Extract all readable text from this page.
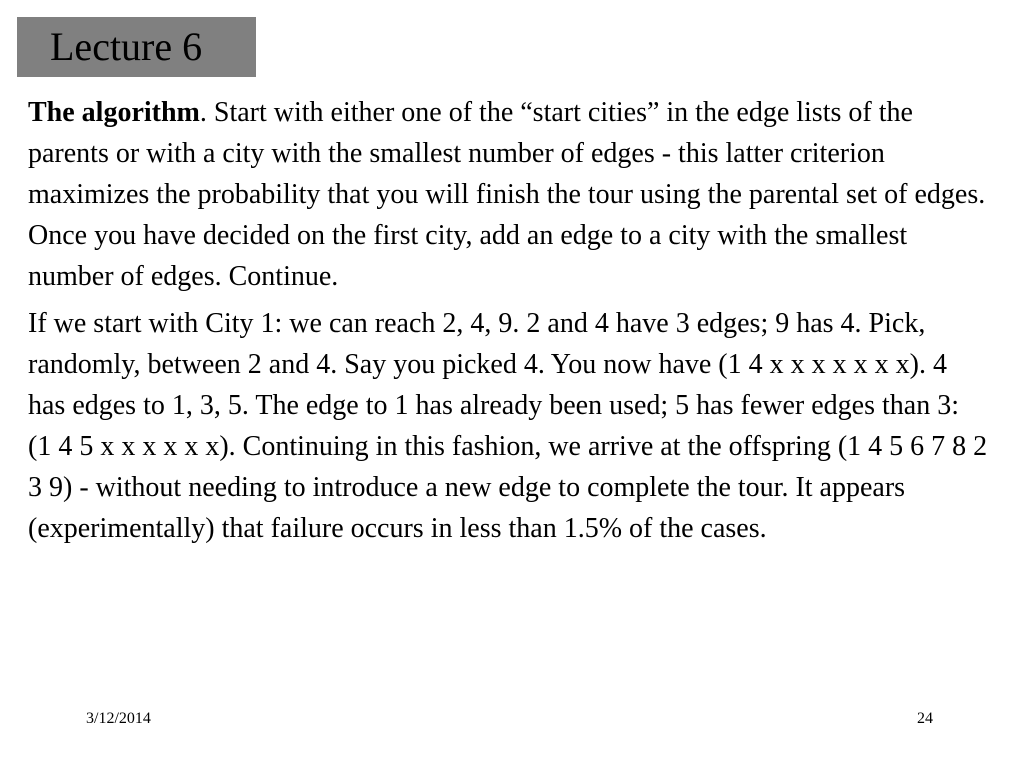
Lecture 6

The algorithm. Start with either one of the “start cities” in the edge lists of the parents or with a city with the smallest number of edges - this latter criterion maximizes the probability that you will finish the tour using the parental set of edges. Once you have decided on the first city, add an edge to a city with the smallest number of edges. Continue.

If we start with City 1: we can reach 2, 4, 9. 2 and 4 have 3 edges; 9 has 4. Pick, randomly, between 2 and 4. Say you picked 4. You now have (1 4 x x x x x x x). 4 has edges to 1, 3, 5. The edge to 1 has already been used; 5 has fewer edges than 3: (1 4 5 x x x x x x). Continuing in this fashion, we arrive at the offspring (1 4 5 6 7 8 2 3 9) - without needing to introduce a new edge to complete the tour. It appears (experimentally) that failure occurs in less than 1.5% of the cases.

3/12/2014	24
